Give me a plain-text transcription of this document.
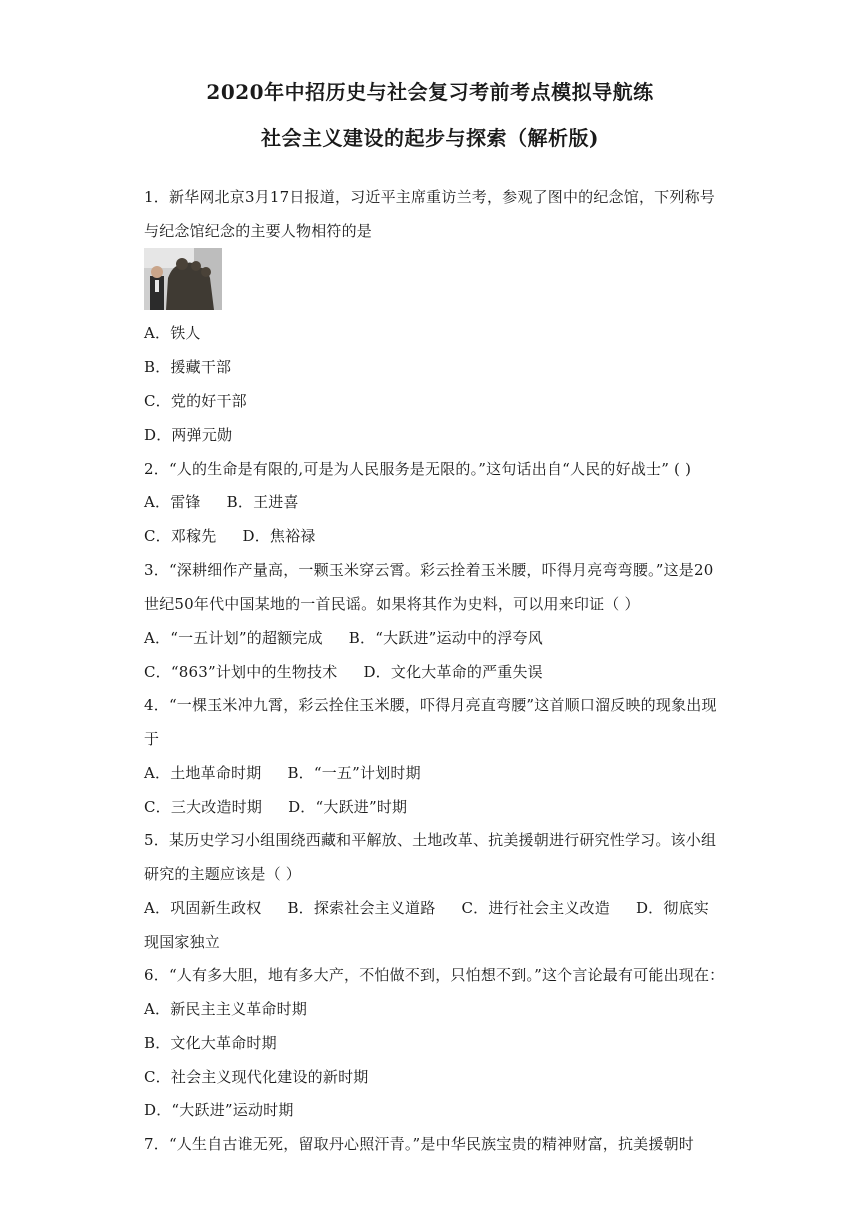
2020年中招历史与社会复习考前考点模拟导航练
社会主义建设的起步与探索（解析版)
1．新华网北京3月17日报道，习近平主席重访兰考，参观了图中的纪念馆，下列称号
与纪念馆纪念的主要人物相符的是
A．铁人
B．援藏干部
C．党的好干部
D．两弹元勋
2．“人的生命是有限的,可是为人民服务是无限的。”这句话出自“人民的好战士” ( )
A．雷锋 B．王进喜
C．邓稼先 D．焦裕禄
3．“深耕细作产量高，一颗玉米穿云霄。彩云拴着玉米腰，吓得月亮弯弯腰。”这是20
世纪50年代中国某地的一首民谣。如果将其作为史料，可以用来印证（ ）
A．“一五计划”的超额完成 B．“大跃进”运动中的浮夸风
C．“863”计划中的生物技术 D．文化大革命的严重失误
4．“一棵玉米冲九霄，彩云拴住玉米腰，吓得月亮直弯腰”这首顺口溜反映的现象出现
于
A．土地革命时期 B．“一五”计划时期
C．三大改造时期 D．“大跃进”时期
5．某历史学习小组围绕西藏和平解放、土地改革、抗美援朝进行研究性学习。该小组
研究的主题应该是（ ）
A．巩固新生政权 B．探索社会主义道路 C．进行社会主义改造 D．彻底实
现国家独立
6．“人有多大胆，地有多大产，不怕做不到，只怕想不到。”这个言论最有可能出现在：
A．新民主主义革命时期
B．文化大革命时期
C．社会主义现代化建设的新时期
D．“大跃进”运动时期
7．“人生自古谁无死，留取丹心照汗青。”是中华民族宝贵的精神财富，抗美援朝时
